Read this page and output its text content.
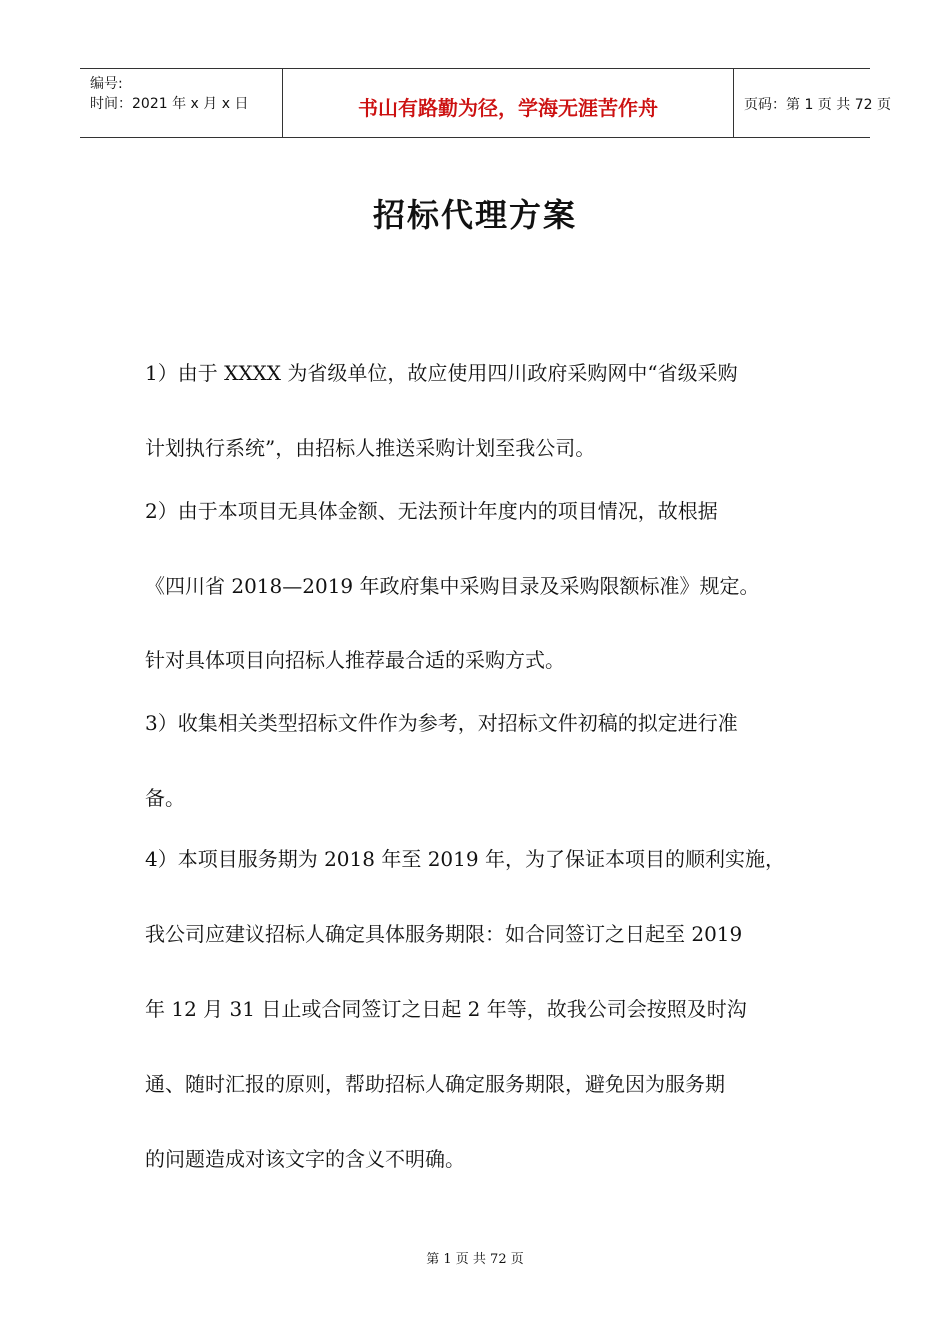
编号:
时间：2021 年 x 月 x 日	书山有路勤为径，学海无涯苦作舟	页码：第 1 页 共 72 页
招标代理方案
1）由于 XXXX 为省级单位，故应使用四川政府采购网中“省级采购
计划执行系统”，由招标人推送采购计划至我公司。
2）由于本项目无具体金额、无法预计年度内的项目情况，故根据
《四川省 2018—2019 年政府集中采购目录及采购限额标准》规定。
针对具体项目向招标人推荐最合适的采购方式。
3）收集相关类型招标文件作为参考，对招标文件初稿的拟定进行准
备。
4）本项目服务期为 2018 年至 2019 年，为了保证本项目的顺利实施，
我公司应建议招标人确定具体服务期限：如合同签订之日起至 2019
年 12 月 31 日止或合同签订之日起 2 年等，故我公司会按照及时沟
通、随时汇报的原则，帮助招标人确定服务期限，避免因为服务期
的问题造成对该文字的含义不明确。
第 1 页 共 72 页
